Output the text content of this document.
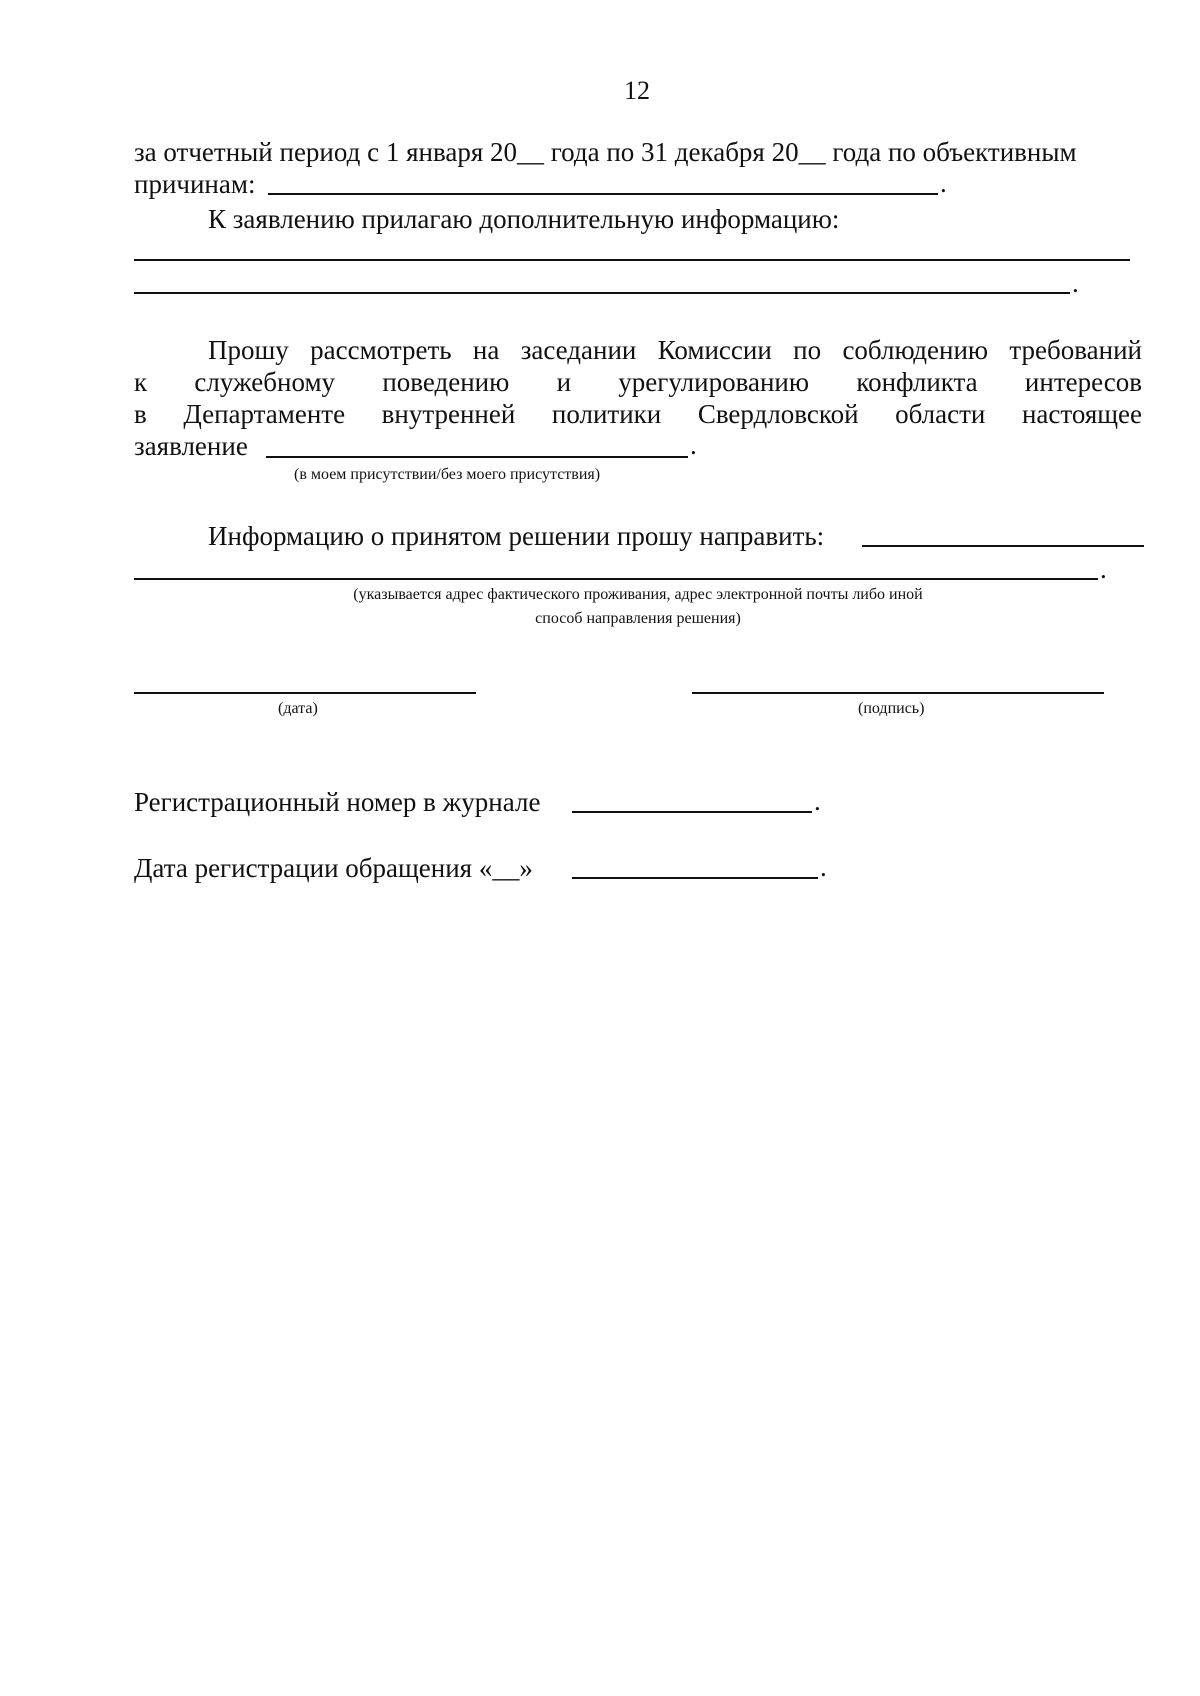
12
за отчетный период с 1 января 20__ года по 31 декабря 20__ года по объективным
причинам:	.
К заявлению прилагаю дополнительную информацию:
.
Прошу рассмотреть на заседании Комиссии по соблюдению требований
к служебному поведению и урегулированию конфликта интересов
в Департаменте внутренней политики Свердловской области настоящее
заявление	.
(в моем присутствии/без моего присутствия)
Информацию о принятом решении прошу направить:
.
(указывается адрес фактического проживания, адрес электронной почты либо иной
способ направления решения)
(дата)	(подпись)
Регистрационный номер в журнале	.
Дата регистрации обращения «__»	.
